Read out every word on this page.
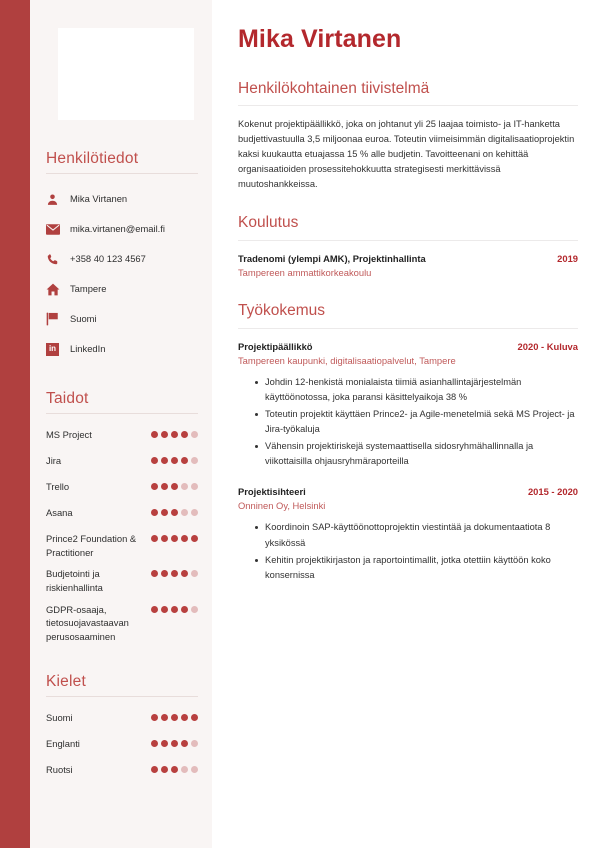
Henkilötiedot
Mika Virtanen
mika.virtanen@email.fi
+358 40 123 4567
Tampere
Suomi
in	LinkedIn
Taidot
MS Project
Jira
Trello
Asana
Prince2 Foundation & Practitioner
Budjetointi ja riskienhallinta
GDPR-osaaja, tietosuojavastaavan perusosaaminen
Kielet
Suomi
Englanti
Ruotsi
Mika Virtanen
Henkilökohtainen tiivistelmä

Kokenut projektipäällikkö, joka on johtanut yli 25 laajaa toimisto- ja IT-hanketta budjettivastuulla 3,5 miljoonaa euroa. Toteutin viimeisimmän digitalisaatioprojektin kaksi kuukautta etuajassa 15 % alle budjetin. Tavoitteenani on kehittää organisaatioiden prosessitehokkuutta strategisesti merkittävissä muutoshankkeissa.

Koulutus
Tradenomi (ylempi AMK), Projektinhallinta	2019
Tampereen ammattikorkeakoulu
Työkokemus
Projektipäällikkö	2020 - Kuluva
Tampereen kaupunki, digitalisaatiopalvelut, Tampere
Johdin 12-henkistä monialaista tiimiä asianhallintajärjestelmän käyttöönotossa, joka paransi käsittelyaikoja 38 %
Toteutin projektit käyttäen Prince2- ja Agile-menetelmiä sekä MS Project- ja Jira-työkaluja
Vähensin projektiriskejä systemaattisella sidosryhmähallinnalla ja viikottaisilla ohjausryhmäraporteilla
Projektisihteeri	2015 - 2020
Onninen Oy, Helsinki
Koordinoin SAP-käyttöönottoprojektin viestintää ja dokumentaatiota 8 yksikössä
Kehitin projektikirjaston ja raportointimallit, jotka otettiin käyttöön koko konsernissa
